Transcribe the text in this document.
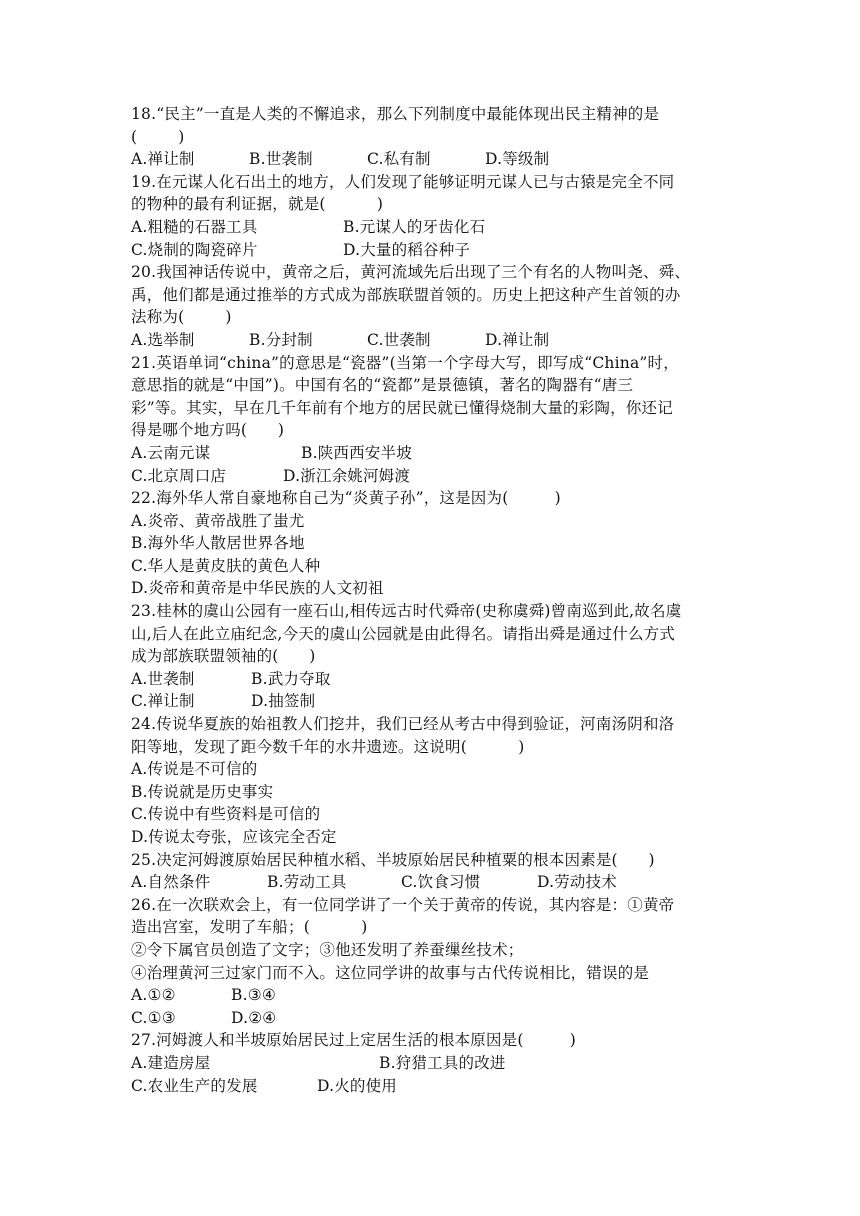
18.“民主”一直是人类的不懈追求，那么下列制度中最能体现出民主精神的是
(        )
A.禅让制	B.世袭制	C.私有制	D.等级制
19.在元谋人化石出土的地方，人们发现了能够证明元谋人已与古猿是完全不同
的物种的最有利证据，就是(          )
A.粗糙的石器工具	B.元谋人的牙齿化石
C.烧制的陶瓷碎片	D.大量的稻谷种子
20.我国神话传说中，黄帝之后，黄河流域先后出现了三个有名的人物叫尧、舜、
禹，他们都是通过推举的方式成为部族联盟首领的。历史上把这种产生首领的办
法称为(        )
A.选举制	B.分封制	C.世袭制	D.禅让制
21.英语单词“china”的意思是“瓷器”(当第一个字母大写，即写成“China”时，
意思指的就是“中国”)。中国有名的“瓷都”是景德镇，著名的陶器有“唐三
彩”等。其实，早在几千年前有个地方的居民就已懂得烧制大量的彩陶，你还记
得是哪个地方吗(      )
A.云南元谋	B.陕西西安半坡
C.北京周口店	D.浙江余姚河姆渡
22.海外华人常自豪地称自己为“炎黄子孙”，这是因为(         )
A.炎帝、黄帝战胜了蚩尤
B.海外华人散居世界各地
C.华人是黄皮肤的黄色人种
D.炎帝和黄帝是中华民族的人文初祖
23.桂林的虞山公园有一座石山,相传远古时代舜帝(史称虞舜)曾南巡到此,故名虞
山,后人在此立庙纪念,今天的虞山公园就是由此得名。请指出舜是通过什么方式
成为部族联盟领袖的(      )
A.世袭制	B.武力夺取
C.禅让制	D.抽签制
24.传说华夏族的始祖教人们挖井，我们已经从考古中得到验证，河南汤阴和洛
阳等地，发现了距今数千年的水井遗迹。这说明(          )
A.传说是不可信的
B.传说就是历史事实
C.传说中有些资料是可信的
D.传说太夸张，应该完全否定
25.决定河姆渡原始居民种植水稻、半坡原始居民种植粟的根本因素是(      )
A.自然条件	B.劳动工具	C.饮食习惯	D.劳动技术
26.在一次联欢会上，有一位同学讲了一个关于黄帝的传说，其内容是：①黄帝
造出宫室，发明了车船；(          )
②令下属官员创造了文字；③他还发明了养蚕缫丝技术；
④治理黄河三过家门而不入。这位同学讲的故事与古代传说相比，错误的是
A.①②	B.③④
C.①③	D.②④
27.河姆渡人和半坡原始居民过上定居生活的根本原因是(         )
A.建造房屋	B.狩猎工具的改进
C.农业生产的发展	D.火的使用
